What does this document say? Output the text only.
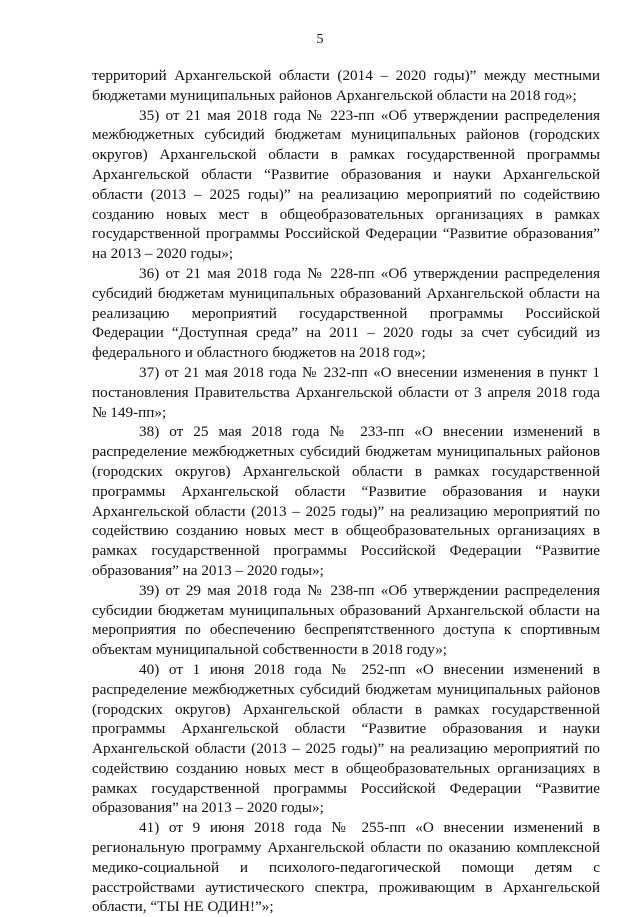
5

территорий Архангельской области (2014 – 2020 годы)” между местными бюджетами муниципальных районов Архангельской области на 2018 год»;

35) от 21 мая 2018 года № 223-пп «Об утверждении распределения межбюджетных субсидий бюджетам муниципальных районов (городских округов) Архангельской области в рамках государственной программы Архангельской области “Развитие образования и науки Архангельской области (2013 – 2025 годы)” на реализацию мероприятий по содействию созданию новых мест в общеобразовательных организациях в рамках государственной программы Российской Федерации “Развитие образования” на 2013 – 2020 годы»;

36) от 21 мая 2018 года № 228-пп «Об утверждении распределения субсидий бюджетам муниципальных образований Архангельской области на реализацию мероприятий государственной программы Российской Федерации “Доступная среда” на 2011 – 2020 годы за счет субсидий из федерального и областного бюджетов на 2018 год»;

37) от 21 мая 2018 года № 232-пп «О внесении изменения в пункт 1 постановления Правительства Архангельской области от 3 апреля 2018 года № 149-пп»;

38) от 25 мая 2018 года № 233-пп «О внесении изменений в распределение межбюджетных субсидий бюджетам муниципальных районов (городских округов) Архангельской области в рамках государственной программы Архангельской области “Развитие образования и науки Архангельской области (2013 – 2025 годы)” на реализацию мероприятий по содействию созданию новых мест в общеобразовательных организациях в рамках государственной программы Российской Федерации “Развитие образования” на 2013 – 2020 годы»;

39) от 29 мая 2018 года № 238-пп «Об утверждении распределения субсидии бюджетам муниципальных образований Архангельской области на мероприятия по обеспечению беспрепятственного доступа к спортивным объектам муниципальной собственности в 2018 году»;

40) от 1 июня 2018 года № 252-пп «О внесении изменений в распределение межбюджетных субсидий бюджетам муниципальных районов (городских округов) Архангельской области в рамках государственной программы Архангельской области “Развитие образования и науки Архангельской области (2013 – 2025 годы)” на реализацию мероприятий по содействию созданию новых мест в общеобразовательных организациях в рамках государственной программы Российской Федерации “Развитие образования” на 2013 – 2020 годы»;

41) от 9 июня 2018 года № 255-пп «О внесении изменений в региональную программу Архангельской области по оказанию комплексной медико-социальной и психолого-педагогической помощи детям с расстройствами аутистического спектра, проживающим в Архангельской области, “ТЫ НЕ ОДИН!”»;
